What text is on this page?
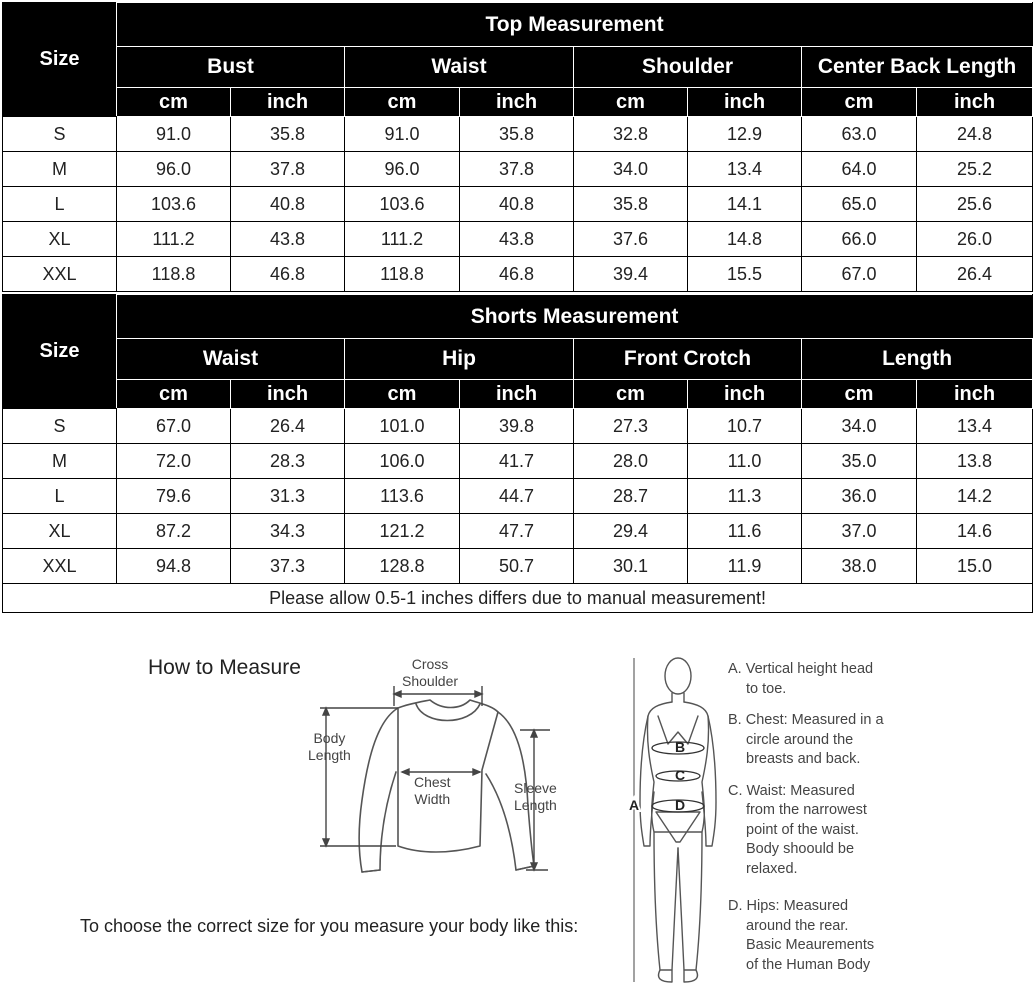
Size	Top Measurement							
	Bust		Waist		Shoulder		Center Back Length	
	cm	inch	cm	inch	cm	inch	cm	inch
S	91.0	35.8	91.0	35.8	32.8	12.9	63.0	24.8
M	96.0	37.8	96.0	37.8	34.0	13.4	64.0	25.2
L	103.6	40.8	103.6	40.8	35.8	14.1	65.0	25.6
XL	111.2	43.8	111.2	43.8	37.6	14.8	66.0	26.0
XXL	118.8	46.8	118.8	46.8	39.4	15.5	67.0	26.4
Size	Shorts Measurement							
	Waist		Hip		Front Crotch		Length	
	cm	inch	cm	inch	cm	inch	cm	inch
S	67.0	26.4	101.0	39.8	27.3	10.7	34.0	13.4
M	72.0	28.3	106.0	41.7	28.0	11.0	35.0	13.8
L	79.6	31.3	113.6	44.7	28.7	11.3	36.0	14.2
XL	87.2	34.3	121.2	47.7	29.4	11.6	37.0	14.6
XXL	94.8	37.3	128.8	50.7	30.1	11.9	38.0	15.0
Please allow 0.5-1 inches differs due to manual measurement!								
How to Measure	Cross
Shoulder
Body
Length
Chest
Width
Sleeve
Length
To choose the correct size for you measure your body like this:
B
C
D
A
A. Vertical height head

to toe.
B. Chest: Measured in a

circle around the
breasts and back.
C. Waist: Measured

from the narrowest
point of the waist.
Body shoould be
relaxed.
D. Hips: Measured

around the rear.
Basic Meaurements
of the Human Body
